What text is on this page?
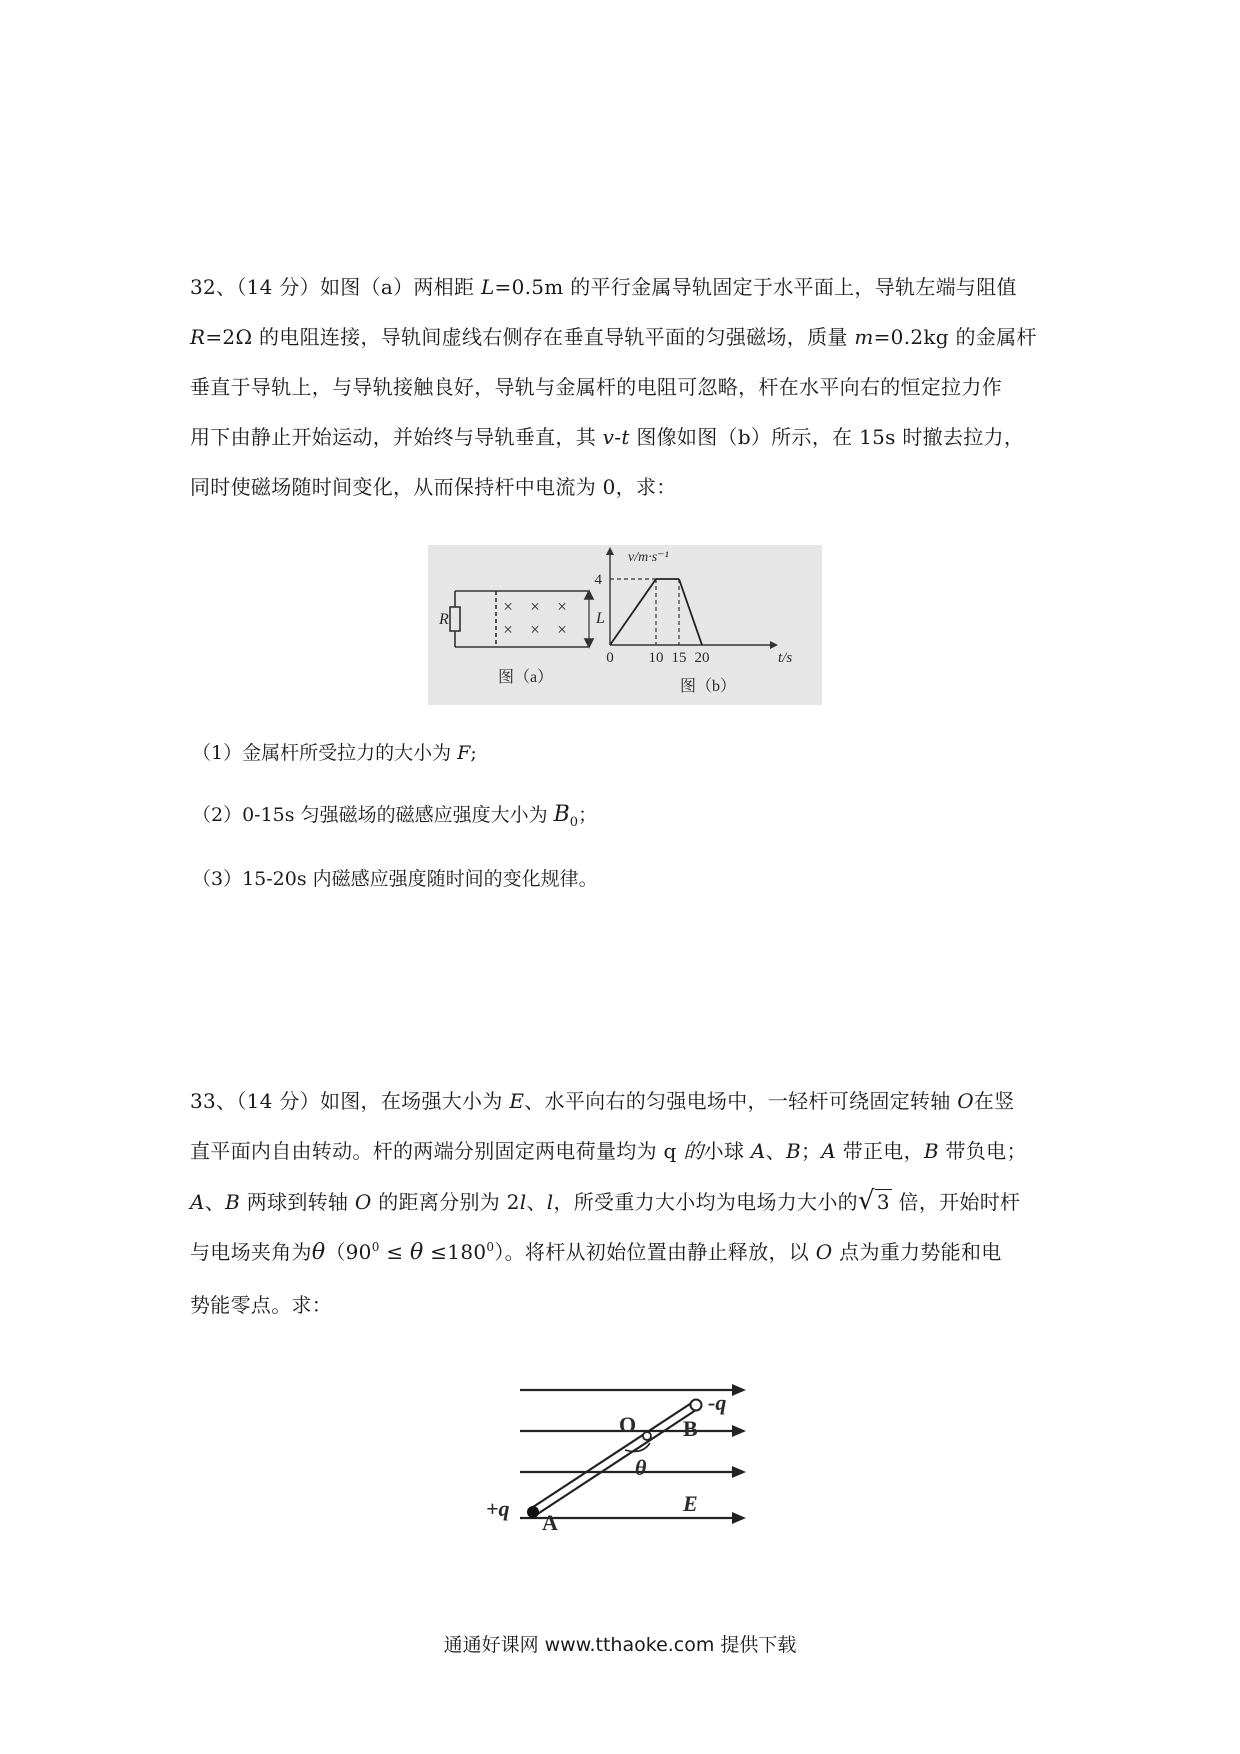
32、（14 分）如图（a）两相距 L=0.5m 的平行金属导轨固定于水平面上，导轨左端与阻值

R=2Ω 的电阻连接，导轨间虚线右侧存在垂直导轨平面的匀强磁场，质量 m=0.2kg 的金属杆

垂直于导轨上，与导轨接触良好，导轨与金属杆的电阻可忽略，杆在水平向右的恒定拉力作

用下由静止开始运动，并始终与导轨垂直，其 v-t 图像如图（b）所示，在 15s 时撤去拉力，

同时使磁场随时间变化，从而保持杆中电流为 0，求：

× × ×
× × ×
R	L
图（a）
0 10 15 20
4
v/m·s⁻¹
t/s
图（b）
（1）金属杆所受拉力的大小为 F;
（2）0-15s 匀强磁场的磁感应强度大小为 $B_0$；
（3）15-20s 内磁感应强度随时间的变化规律。

33、（14 分）如图，在场强大小为 E、水平向右的匀强电场中，一轻杆可绕固定转轴 O在竖

直平面内自由转动。杆的两端分别固定两电荷量均为 q 的小球 A、B；A 带正电，B 带负电；

A、B 两球到转轴 O 的距离分别为 2l、l，所受重力大小均为电场力大小的√ 3 倍，开始时杆

与电场夹角为$\theta(90^0 \le \theta \le 180^0)$。将杆从初始位置由静止释放，以 O 点为重力势能和电

势能零点。求：

-q
O B
θ
+q
A
E
通通好课网 www.tthaoke.com 提供下载
